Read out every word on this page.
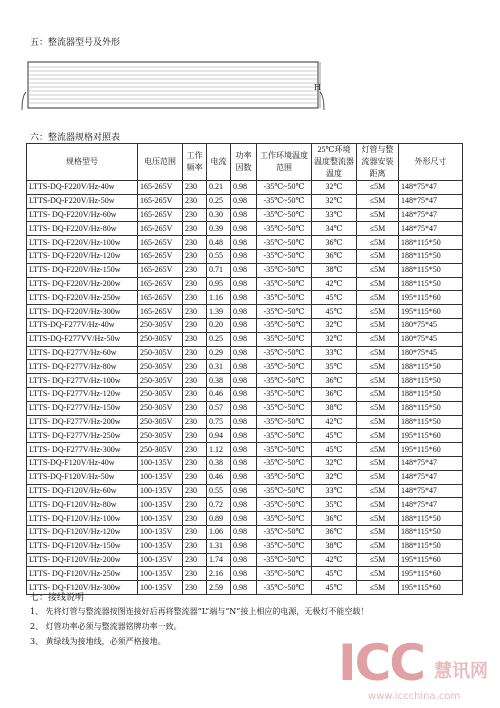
五：整流器型号及外形
H
六：整流器规格对照表
规格型号	电压范围	工作频率	电流	功率因数	工作环境温度范围	25℃环境温度整流器温度	灯管与整流器安装距离	外形尺寸
LTTS-DQ-F220V/Hz-40w	165-265V	230	0.21	0.98	-35℃~50℃	32℃	≤5M	148*75*47
LTTS-DQ-F220V/Hz-50w	165-265V	230	0.25	0.98	-35℃~50℃	32℃	≤5M	148*75*47
LTTS- DQ-F220V/Hz-60w	165-265V	230	0.30	0.98	-35℃~50℃	33℃	≤5M	148*75*47
LTTS- DQ-F220V/Hz-80w	165-265V	230	0.39	0.98	-35℃~50℃	34℃	≤5M	148*75*47
LTTS- DQ-F220V/Hz-100w	165-265V	230	0.48	0.98	-35℃~50℃	36℃	≤5M	188*115*50
LTTS- DQ-F220V/Hz-120w	165-265V	230	0.55	0.98	-35℃~50℃	36℃	≤5M	188*115*50
LTTS- DQ-F220V/Hz-150w	165-265V	230	0.71	0.98	-35℃~50℃	38℃	≤5M	188*115*50
LTTS- DQ-F220V/Hz-200w	165-265V	230	0.95	0.98	-35℃~50℃	42℃	≤5M	188*115*50
LTTS- DQ-F220V/Hz-250w	165-265V	230	1.16	0.98	-35℃~50℃	45℃	≤5M	195*115*60
LTTS- DQ-F220V/Hz-300w	165-265V	230	1.39	0.98	-35℃~50℃	45℃	≤5M	195*115*60
LTTS-DQ-F277V/Hz-40w	250-305V	230	0.20	0.98	-35℃~50℃	32℃	≤5M	180*75*45
LTTS-DQ-F277VV/Hz-50w	250-305V	230	0.25	0.98	-35℃~50℃	32℃	≤5M	180*75*45
LTTS- DQ-F277V/Hz-60w	250-305V	230	0.29	0.98	-35℃~50℃	33℃	≤5M	180*75*45
LTTS- DQ-F277V/Hz-80w	250-305V	230	0.31	0.98	-35℃~50℃	35℃	≤5M	188*115*50
LTTS- DQ-F277V/Hz-100w	250-305V	230	0.38	0.98	-35℃~50℃	36℃	≤5M	188*115*50
LTTS- DQ-F277V/Hz-120w	250-305V	230	0.46	0.98	-35℃~50℃	36℃	≤5M	188*115*50
LTTS- DQ-F277V/Hz-150w	250-305V	230	0.57	0.98	-35℃~50℃	38℃	≤5M	188*115*50
LTTS- DQ-F277V/Hz-200w	250-305V	230	0.75	0.98	-35℃~50℃	42℃	≤5M	188*115*50
LTTS- DQ-F277V/Hz-250w	250-305V	230	0.94	0.98	-35℃~50℃	45℃	≤5M	195*115*60
LTTS- DQ-F277V/Hz-300w	250-305V	230	1.12	0.98	-35℃~50℃	45℃	≤5M	195*115*60
LTTS-DQ-F120V/Hz-40w	100-135V	230	0.38	0.98	-35℃~50℃	32℃	≤5M	148*75*47
LTTS-DQ-F120V/Hz-50w	100-135V	230	0.46	0.98	-35℃~50℃	32℃	≤5M	148*75*47
LTTS- DQ-F120V/Hz-60w	100-135V	230	0.55	0.98	-35℃~50℃	33℃	≤5M	148*75*47
LTTS- DQ-F120V/Hz-80w	100-135V	230	0.72	0.98	-35℃~50℃	35℃	≤5M	148*75*47
LTTS- DQ-F120V/Hz-100w	100-135V	230	0.89	0.98	-35℃~50℃	36℃	≤5M	188*115*50
LTTS- DQ-F120V/Hz-120w	100-135V	230	1.06	0.98	-35℃~50℃	36℃	≤5M	188*115*50
LTTS- DQ-F120V/Hz-150w	100-135V	230	1.31	0.98	-35℃~50℃	38℃	≤5M	188*115*50
LTTS- DQ-F120V/Hz-200w	100-135V	230	1.74	0.98	-35℃~50℃	42℃	≤5M	195*115*60
LTTS- DQ-F120V/Hz-250w	100-135V	230	2.16	0.98	-35℃~50℃	45℃	≤5M	195*115*60
LTTS- DQ-F120V/Hz-300w	100-135V	230	2.59	0.98	-35℃~50℃	45℃	≤5M	195*115*60
七：接线说明
1、 先将灯管与整流器按图连接好后再将整流器“L”端与“N”接上相应的电源，无极灯不能空载！
2、 灯管功率必须与整流器铭牌功率一致。
3、 黄绿线为接地线，必须严格接地。	ICC 慧讯网
www.iccchina.com
